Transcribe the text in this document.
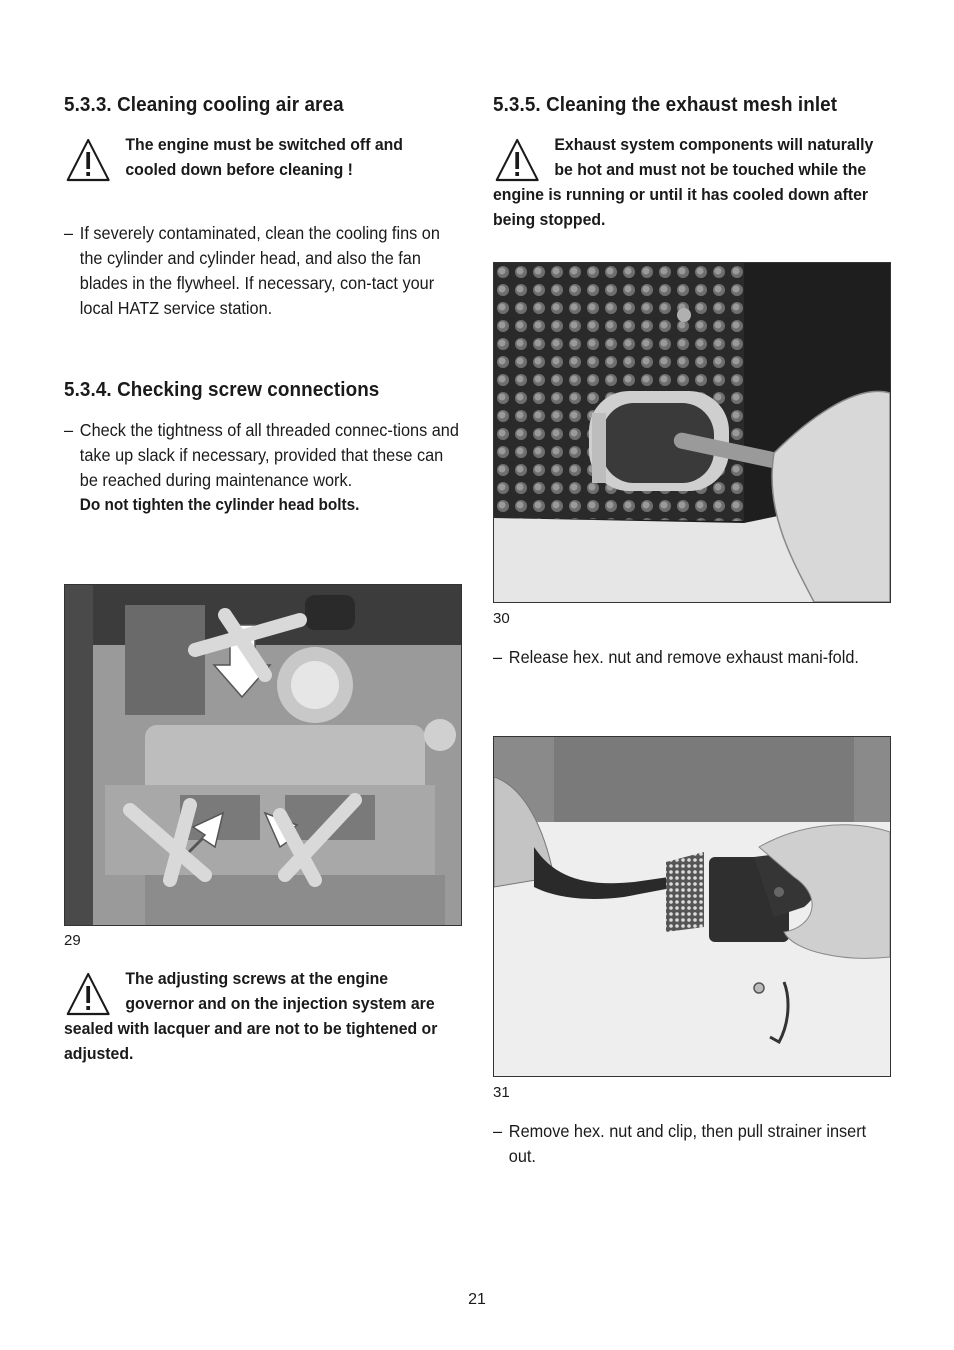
5.3.3. Cleaning cooling air area
The engine must be switched off and cooled down before cleaning !
– If severely contaminated, clean the cooling fins on the cylinder and cylinder head, and also the fan blades in the flywheel. If necessary, con-tact your local HATZ service station.
5.3.4. Checking screw connections
– Check the tightness of all threaded connec-tions and take up slack if necessary, provided that these can be reached during maintenance work.
Do not tighten the cylinder head bolts.
29
The adjusting screws at the engine governor and on the injection system are sealed with lacquer and are not to be tightened or adjusted.
5.3.5. Cleaning the exhaust mesh inlet
Exhaust system components will naturally be hot and must not be touched while the engine is running or until it has cooled down after being stopped.
30
– Release hex. nut and remove exhaust mani-fold.
31
– Remove hex. nut and clip, then pull strainer insert out.
21
